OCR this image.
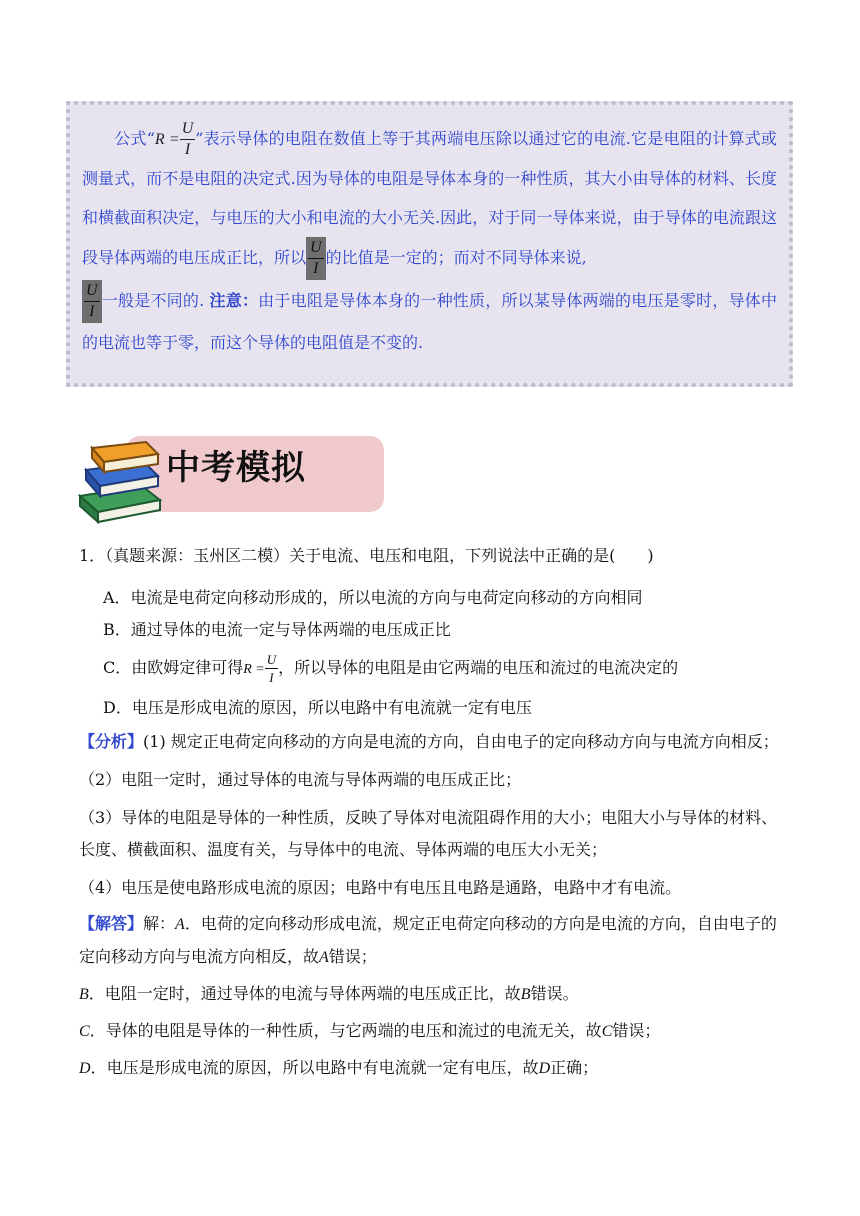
  公式“$R = \frac{U}{I}$ ”表示导体的电阻在数值上等于其两端电压除以通过它的电流.它是电阻的计算式或测量式，而不是电阻的决定式.因为导体的电阻是导体本身的一种性质，其大小由导体的材料、长度和横截面积决定，与电压的大小和电流的大小无关.因此，对于同一导体来说，由于导体的电流跟这段导体两端的电压成正比，所以 $\frac{U}{I}$ 的比值是一定的；而对不同导体来说,

$\frac{U}{I}$ 一般是不同的. 注意：由于电阻是导体本身的一种性质，所以某导体两端的电压是零时，导体中的电流也等于零，而这个导体的电阻值是不变的.
中考模拟

1．（真题来源：玉州区二模）关于电流、电压和电阻，下列说法中正确的是(　　)

A．电流是电荷定向移动形成的，所以电流的方向与电荷定向移动的方向相同

B．通过导体的电流一定与导体两端的电压成正比

C．由欧姆定律可得$R = \frac{U}{I}$ ，所以导体的电阻是由它两端的电压和流过的电流决定的

D．电压是形成电流的原因，所以电路中有电流就一定有电压

【分析】(1) 规定正电荷定向移动的方向是电流的方向，自由电子的定向移动方向与电流方向相反；

（2）电阻一定时，通过导体的电流与导体两端的电压成正比；

（3）导体的电阻是导体的一种性质，反映了导体对电流阻碍作用的大小；电阻大小与导体的材料、长度、横截面积、温度有关，与导体中的电流、导体两端的电压大小无关；

（4）电压是使电路形成电流的原因；电路中有电压且电路是通路，电路中才有电流。

【解答】解：A．电荷的定向移动形成电流，规定正电荷定向移动的方向是电流的方向，自由电子的定向移动方向与电流方向相反，故A错误；

B．电阻一定时，通过导体的电流与导体两端的电压成正比，故B错误。

C．导体的电阻是导体的一种性质，与它两端的电压和流过的电流无关，故C错误；

D．电压是形成电流的原因，所以电路中有电流就一定有电压，故D正确；
